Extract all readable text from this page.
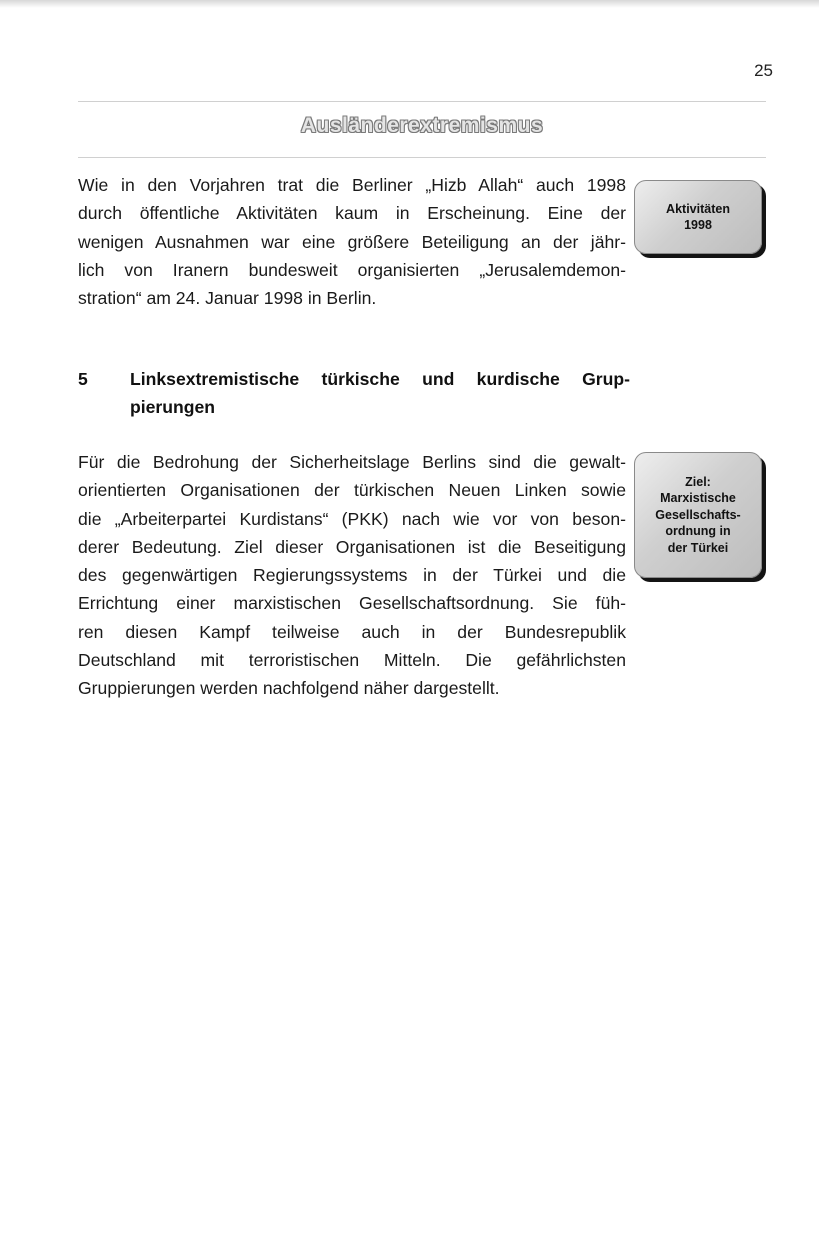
25
Ausländerextremismus
Wie in den Vorjahren trat die Berliner „Hizb Allah“ auch 1998
durch öffentliche Aktivitäten kaum in Erscheinung. Eine der
wenigen Ausnahmen war eine größere Beteiligung an der jähr-
lich von Iranern bundesweit organisierten „Jerusalemdemon-
stration“ am 24. Januar 1998 in Berlin.
Aktivitäten
1998
5 Linksextremistische türkische und kurdische Grup-
pierungen
Für die Bedrohung der Sicherheitslage Berlins sind die gewalt-
orientierten Organisationen der türkischen Neuen Linken sowie
die „Arbeiterpartei Kurdistans“ (PKK) nach wie vor von beson-
derer Bedeutung. Ziel dieser Organisationen ist die Beseitigung
des gegenwärtigen Regierungssystems in der Türkei und die
Errichtung einer marxistischen Gesellschaftsordnung. Sie füh-
ren diesen Kampf teilweise auch in der Bundesrepublik
Deutschland mit terroristischen Mitteln. Die gefährlichsten
Gruppierungen werden nachfolgend näher dargestellt.
Ziel:
Marxistische
Gesellschafts-
ordnung in
der Türkei
